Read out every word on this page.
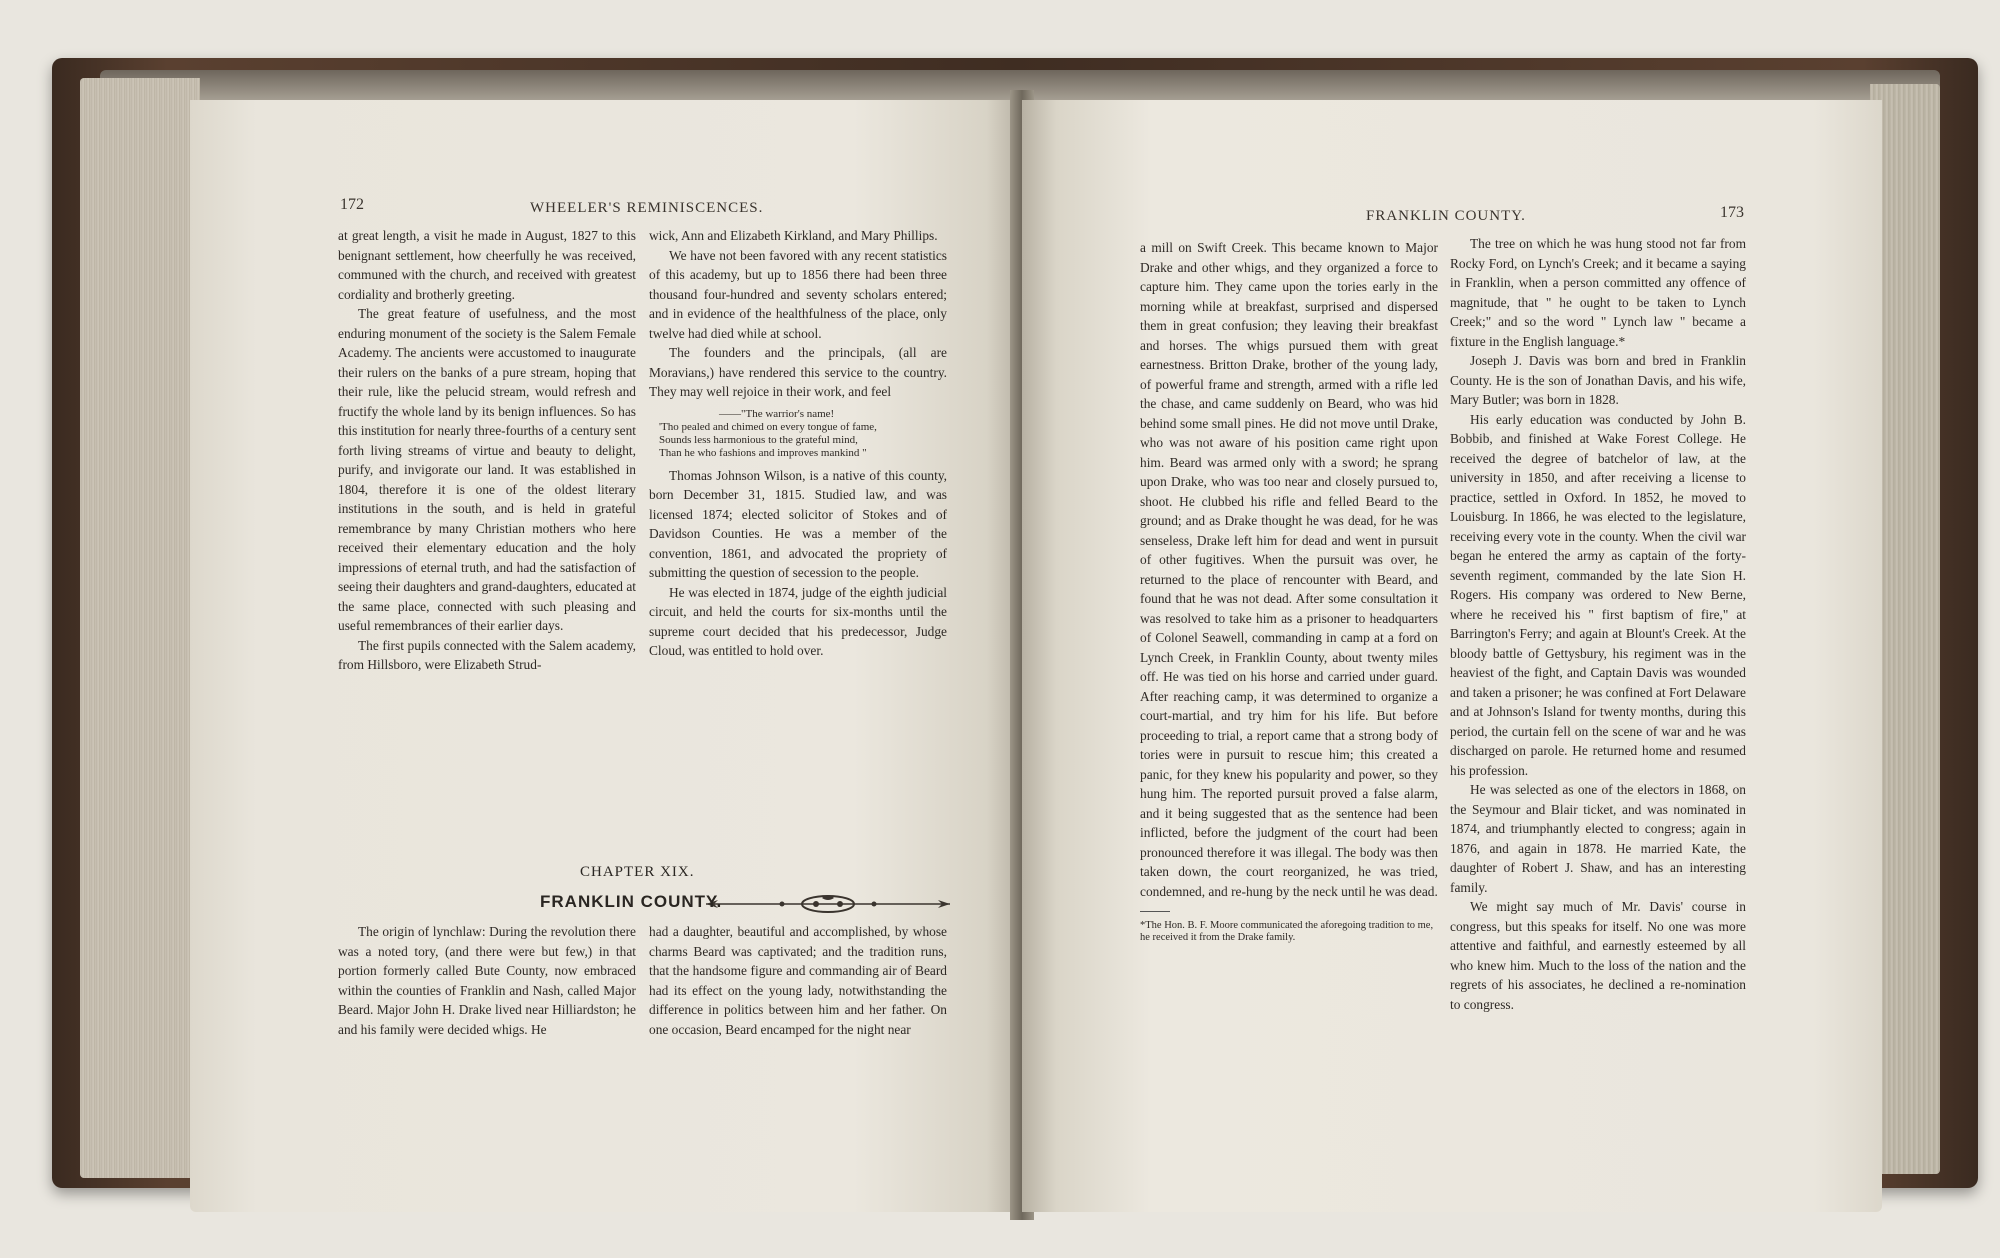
172	WHEELER'S REMINISCENCES.

at great length, a visit he made in August, 1827 to this benignant settlement, how cheerfully he was received, communed with the church, and received with greatest cordiality and brotherly greeting.

The great feature of usefulness, and the most enduring monument of the society is the Salem Female Academy. The ancients were accustomed to inaugurate their rulers on the banks of a pure stream, hoping that their rule, like the pelucid stream, would refresh and fructify the whole land by its benign influences. So has this institution for nearly three-fourths of a century sent forth living streams of virtue and beauty to delight, purify, and invigorate our land. It was established in 1804, therefore it is one of the oldest literary institutions in the south, and is held in grateful remembrance by many Christian mothers who here received their elementary education and the holy impressions of eternal truth, and had the satisfaction of seeing their daughters and grand-daughters, educated at the same place, connected with such pleasing and useful remembrances of their earlier days.

The first pupils connected with the Salem academy, from Hillsboro, were Elizabeth Strud-

wick, Ann and Elizabeth Kirkland, and Mary Phillips.

We have not been favored with any recent statistics of this academy, but up to 1856 there had been three thousand four-hundred and seventy scholars entered; and in evidence of the healthfulness of the place, only twelve had died while at school.

The founders and the principals, (all are Moravians,) have rendered this service to the country. They may well rejoice in their work, and feel

——"The warrior's name!
'Tho pealed and chimed on every tongue of fame,
Sounds less harmonious to the grateful mind,
Than he who fashions and improves mankind "

Thomas Johnson Wilson, is a native of this county, born December 31, 1815. Studied law, and was licensed 1874; elected solicitor of Stokes and of Davidson Counties. He was a member of the convention, 1861, and advocated the propriety of submitting the question of secession to the people.

He was elected in 1874, judge of the eighth judicial circuit, and held the courts for six-months until the supreme court decided that his predecessor, Judge Cloud, was entitled to hold over.

CHAPTER XIX.
FRANKLIN COUNTY.

The origin of lynchlaw: During the revolution there was a noted tory, (and there were but few,) in that portion formerly called Bute County, now embraced within the counties of Franklin and Nash, called Major Beard. Major John H. Drake lived near Hilliardston; he and his family were decided whigs. He

had a daughter, beautiful and accomplished, by whose charms Beard was captivated; and the tradition runs, that the handsome figure and commanding air of Beard had its effect on the young lady, notwithstanding the difference in politics between him and her father. On one occasion, Beard encamped for the night near

FRANKLIN COUNTY.	173

a mill on Swift Creek. This became known to Major Drake and other whigs, and they organized a force to capture him. They came upon the tories early in the morning while at breakfast, surprised and dispersed them in great confusion; they leaving their breakfast and horses. The whigs pursued them with great earnestness. Britton Drake, brother of the young lady, of powerful frame and strength, armed with a rifle led the chase, and came suddenly on Beard, who was hid behind some small pines. He did not move until Drake, who was not aware of his position came right upon him. Beard was armed only with a sword; he sprang upon Drake, who was too near and closely pursued to, shoot. He clubbed his rifle and felled Beard to the ground; and as Drake thought he was dead, for he was senseless, Drake left him for dead and went in pursuit of other fugitives. When the pursuit was over, he returned to the place of rencounter with Beard, and found that he was not dead. After some consultation it was resolved to take him as a prisoner to headquarters of Colonel Seawell, commanding in camp at a ford on Lynch Creek, in Franklin County, about twenty miles off. He was tied on his horse and carried under guard. After reaching camp, it was determined to organize a court-martial, and try him for his life. But before proceeding to trial, a report came that a strong body of tories were in pursuit to rescue him; this created a panic, for they knew his popularity and power, so they hung him. The reported pursuit proved a false alarm, and it being suggested that as the sentence had been inflicted, before the judgment of the court had been pronounced therefore it was illegal. The body was then taken down, the court reorganized, he was tried, condemned, and re-hung by the neck until he was dead.

*The Hon. B. F. Moore communicated the aforegoing tradition to me, he received it from the Drake family.

The tree on which he was hung stood not far from Rocky Ford, on Lynch's Creek; and it became a saying in Franklin, when a person committed any offence of magnitude, that " he ought to be taken to Lynch Creek;" and so the word " Lynch law " became a fixture in the English language.*

Joseph J. Davis was born and bred in Franklin County. He is the son of Jonathan Davis, and his wife, Mary Butler; was born in 1828.

His early education was conducted by John B. Bobbib, and finished at Wake Forest College. He received the degree of batchelor of law, at the university in 1850, and after receiving a license to practice, settled in Oxford. In 1852, he moved to Louisburg. In 1866, he was elected to the legislature, receiving every vote in the county. When the civil war began he entered the army as captain of the forty-seventh regiment, commanded by the late Sion H. Rogers. His company was ordered to New Berne, where he received his " first baptism of fire," at Barrington's Ferry; and again at Blount's Creek. At the bloody battle of Gettysbury, his regiment was in the heaviest of the fight, and Captain Davis was wounded and taken a prisoner; he was confined at Fort Delaware and at Johnson's Island for twenty months, during this period, the curtain fell on the scene of war and he was discharged on parole. He returned home and resumed his profession.

He was selected as one of the electors in 1868, on the Seymour and Blair ticket, and was nominated in 1874, and triumphantly elected to congress; again in 1876, and again in 1878. He married Kate, the daughter of Robert J. Shaw, and has an interesting family.

We might say much of Mr. Davis' course in congress, but this speaks for itself. No one was more attentive and faithful, and earnestly esteemed by all who knew him. Much to the loss of the nation and the regrets of his associates, he declined a re-nomination to congress.
